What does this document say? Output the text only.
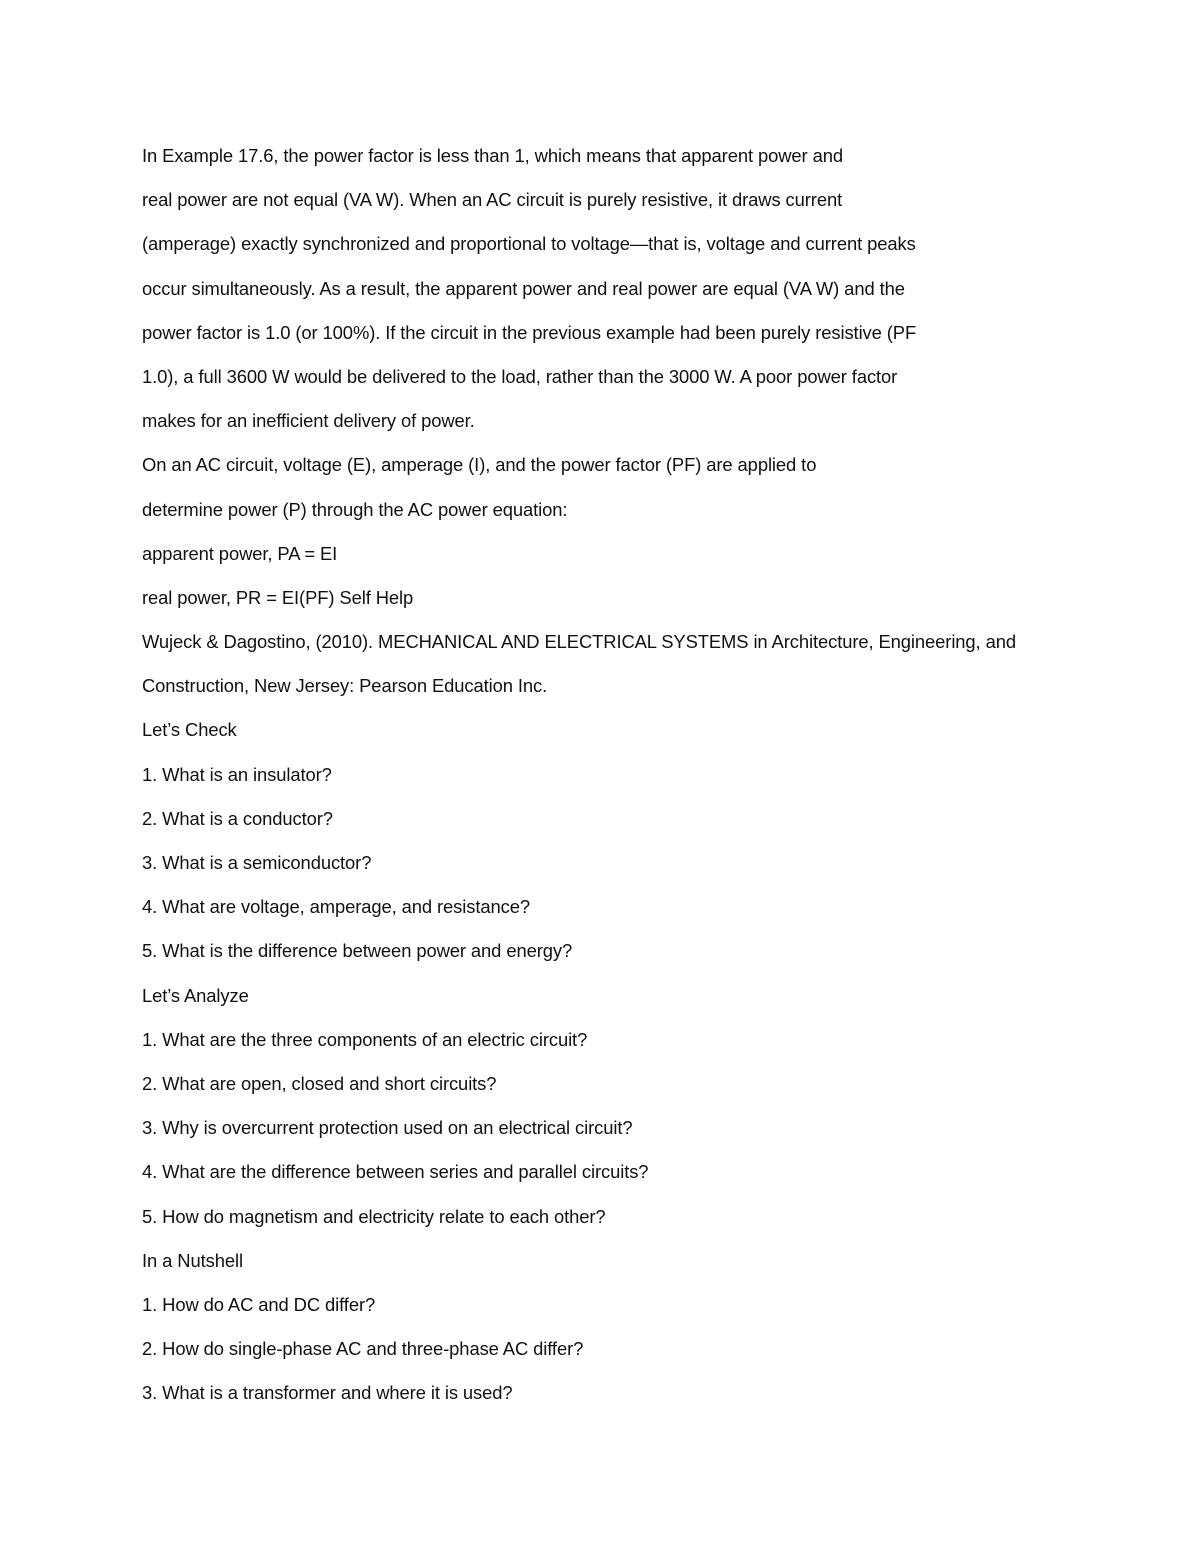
In Example 17.6, the power factor is less than 1, which means that apparent power and
real power are not equal (VA W). When an AC circuit is purely resistive, it draws current
(amperage) exactly synchronized and proportional to voltage—that is, voltage and current peaks
occur simultaneously. As a result, the apparent power and real power are equal (VA W) and the
power factor is 1.0 (or 100%). If the circuit in the previous example had been purely resistive (PF
1.0), a full 3600 W would be delivered to the load, rather than the 3000 W. A poor power factor
makes for an inefficient delivery of power.
On an AC circuit, voltage (E), amperage (I), and the power factor (PF) are applied to
determine power (P) through the AC power equation:
apparent power, PA = EI
real power, PR = EI(PF) Self Help
Wujeck & Dagostino, (2010). MECHANICAL AND ELECTRICAL SYSTEMS in Architecture, Engineering, and
Construction, New Jersey: Pearson Education Inc.
Let’s Check
1. What is an insulator?
2. What is a conductor?
3. What is a semiconductor?
4. What are voltage, amperage, and resistance?
5. What is the difference between power and energy?
Let’s Analyze
1. What are the three components of an electric circuit?
2. What are open, closed and short circuits?
3. Why is overcurrent protection used on an electrical circuit?
4. What are the difference between series and parallel circuits?
5. How do magnetism and electricity relate to each other?
In a Nutshell
1. How do AC and DC differ?
2. How do single-phase AC and three-phase AC differ?
3. What is a transformer and where it is used?
